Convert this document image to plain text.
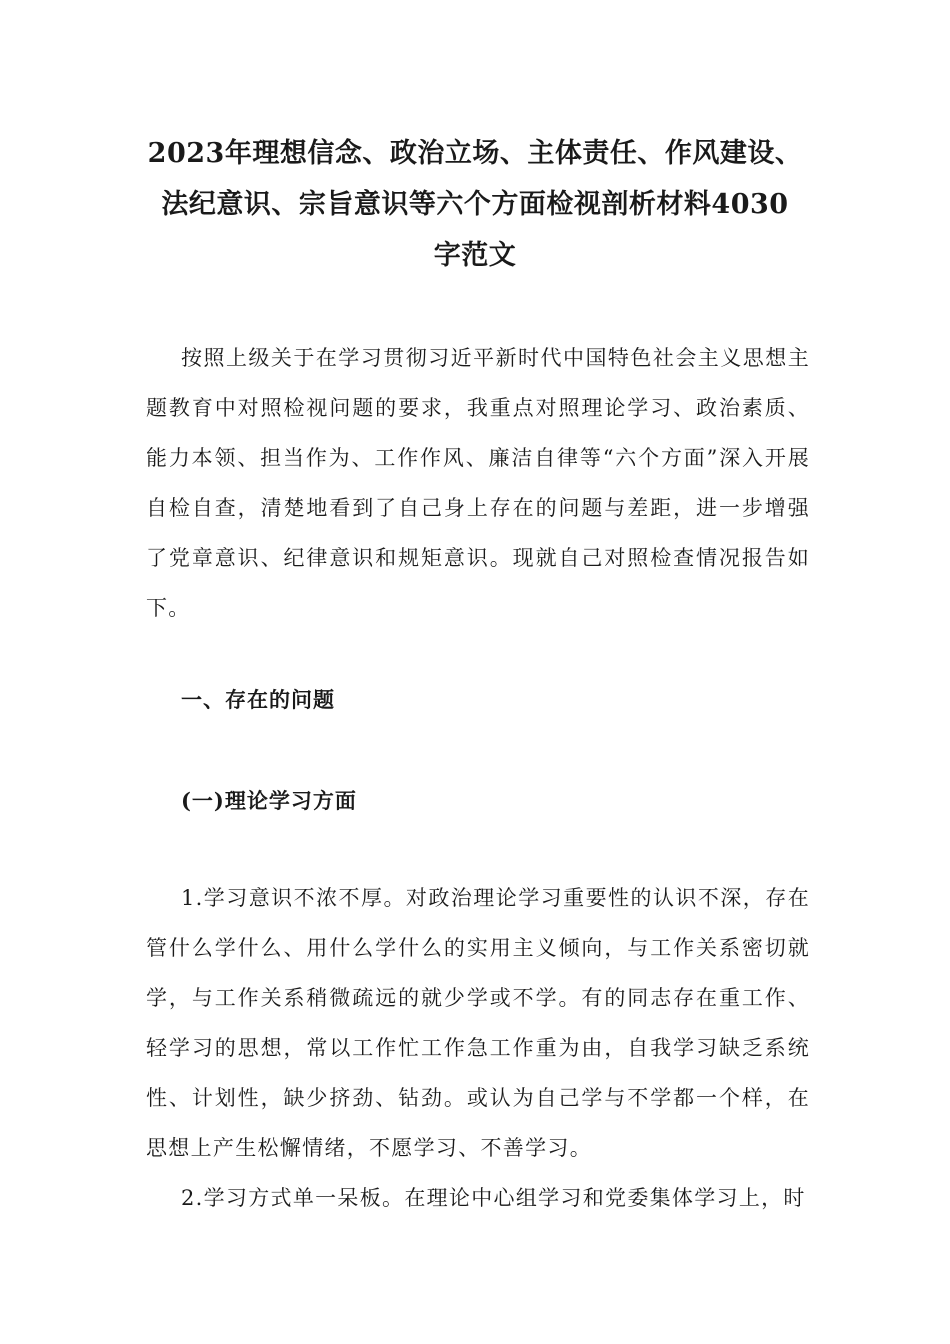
2023年理想信念、政治立场、主体责任、作风建设、
法纪意识、宗旨意识等六个方面检视剖析材料4030
字范文

按照上级关于在学习贯彻习近平新时代中国特色社会主义思想主题教育中对照检视问题的要求，我重点对照理论学习、政治素质、能力本领、担当作为、工作作风、廉洁自律等“六个方面”深入开展自检自查，清楚地看到了自己身上存在的问题与差距，进一步增强了党章意识、纪律意识和规矩意识。现就自己对照检查情况报告如下。

一、存在的问题
(一)理论学习方面

1.学习意识不浓不厚。对政治理论学习重要性的认识不深，存在管什么学什么、用什么学什么的实用主义倾向，与工作关系密切就学，与工作关系稍微疏远的就少学或不学。有的同志存在重工作、轻学习的思想，常以工作忙工作急工作重为由，自我学习缺乏系统性、计划性，缺少挤劲、钻劲。或认为自己学与不学都一个样，在思想上产生松懈情绪，不愿学习、不善学习。

2.学习方式单一呆板。在理论中心组学习和党委集体学习上，时
